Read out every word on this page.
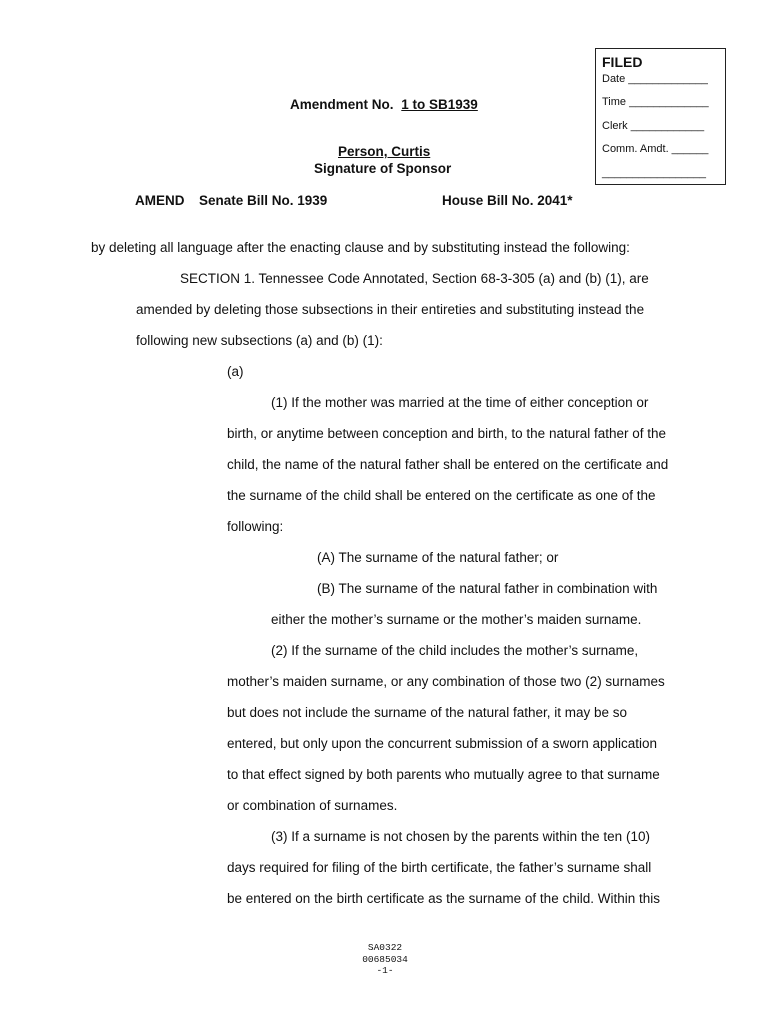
FILED
Date _____________
Time _____________
Clerk ____________
Comm. Amdt. ______
_________________
Amendment No. 1 to SB1939
Person, Curtis
Signature of Sponsor
AMEND Senate Bill No. 1939	House Bill No. 2041*
by deleting all language after the enacting clause and by substituting instead the following:
SECTION 1. Tennessee Code Annotated, Section 68-3-305 (a) and (b) (1), are
amended by deleting those subsections in their entireties and substituting instead the
following new subsections (a) and (b) (1):
(a)
(1) If the mother was married at the time of either conception or
birth, or anytime between conception and birth, to the natural father of the
child, the name of the natural father shall be entered on the certificate and
the surname of the child shall be entered on the certificate as one of the
following:
(A) The surname of the natural father; or
(B) The surname of the natural father in combination with
either the mother’s surname or the mother’s maiden surname.
(2) If the surname of the child includes the mother’s surname,
mother’s maiden surname, or any combination of those two (2) surnames
but does not include the surname of the natural father, it may be so
entered, but only upon the concurrent submission of a sworn application
to that effect signed by both parents who mutually agree to that surname
or combination of surnames.
(3) If a surname is not chosen by the parents within the ten (10)
days required for filing of the birth certificate, the father’s surname shall
be entered on the birth certificate as the surname of the child. Within this
SA0322
00685034
-1-
